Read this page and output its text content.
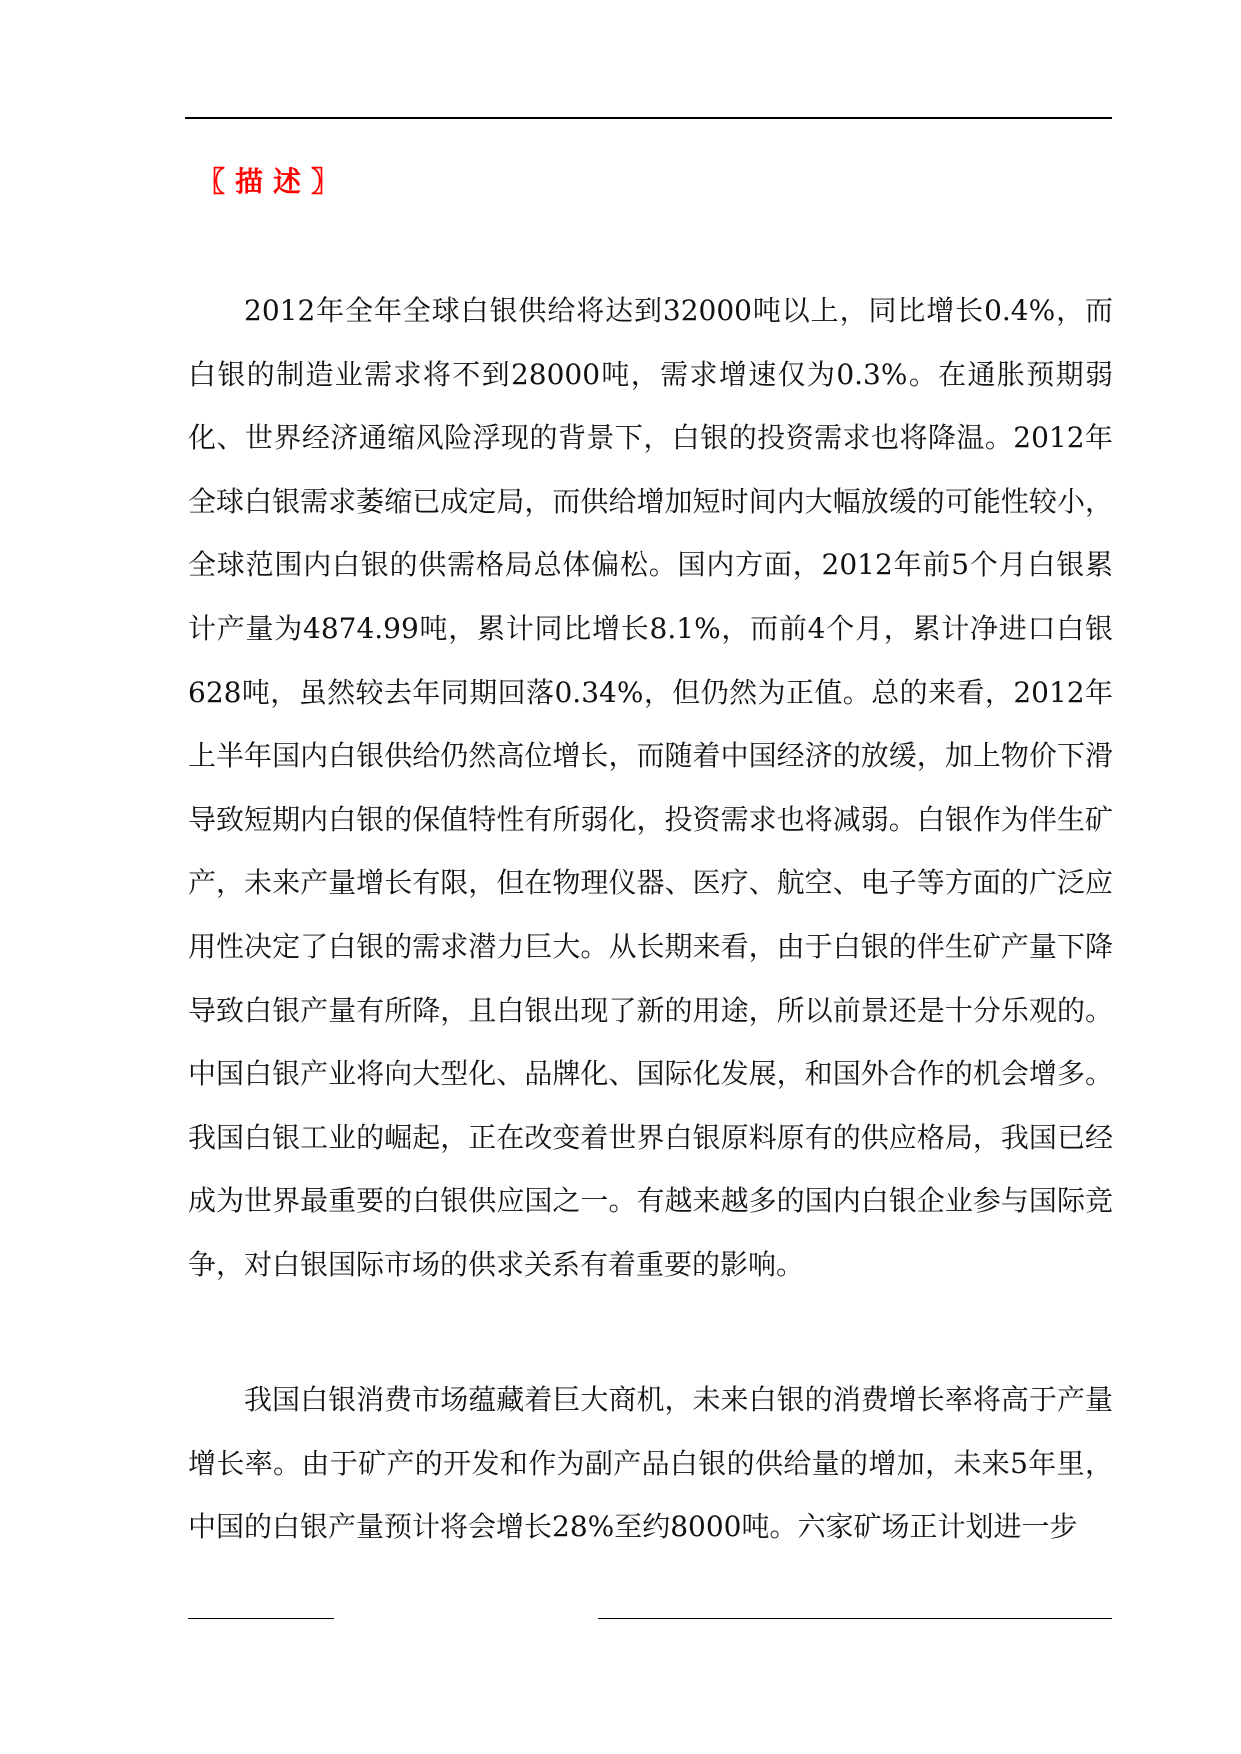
〖描述〗

2012年全年全球白银供给将达到32000吨以上，同比增长0.4%，而白银的制造业需求将不到28000吨，需求增速仅为0.3%。在通胀预期弱化、世界经济通缩风险浮现的背景下，白银的投资需求也将降温。2012年全球白银需求萎缩已成定局，而供给增加短时间内大幅放缓的可能性较小，全球范围内白银的供需格局总体偏松。国内方面，2012年前5个月白银累计产量为4874.99吨，累计同比增长8.1%，而前4个月，累计净进口白银628吨，虽然较去年同期回落0.34%，但仍然为正值。总的来看，2012年上半年国内白银供给仍然高位增长，而随着中国经济的放缓，加上物价下滑导致短期内白银的保值特性有所弱化，投资需求也将减弱。白银作为伴生矿产，未来产量增长有限，但在物理仪器、医疗、航空、电子等方面的广泛应用性决定了白银的需求潜力巨大。从长期来看，由于白银的伴生矿产量下降导致白银产量有所降，且白银出现了新的用途，所以前景还是十分乐观的。中国白银产业将向大型化、品牌化、国际化发展，和国外合作的机会增多。我国白银工业的崛起，正在改变着世界白银原料原有的供应格局，我国已经成为世界最重要的白银供应国之一。有越来越多的国内白银企业参与国际竞争，对白银国际市场的供求关系有着重要的影响。

我国白银消费市场蕴藏着巨大商机，未来白银的消费增长率将高于产量增长率。由于矿产的开发和作为副产品白银的供给量的增加，未来5年里，中国的白银产量预计将会增长28%至约8000吨。六家矿场正计划进一步
